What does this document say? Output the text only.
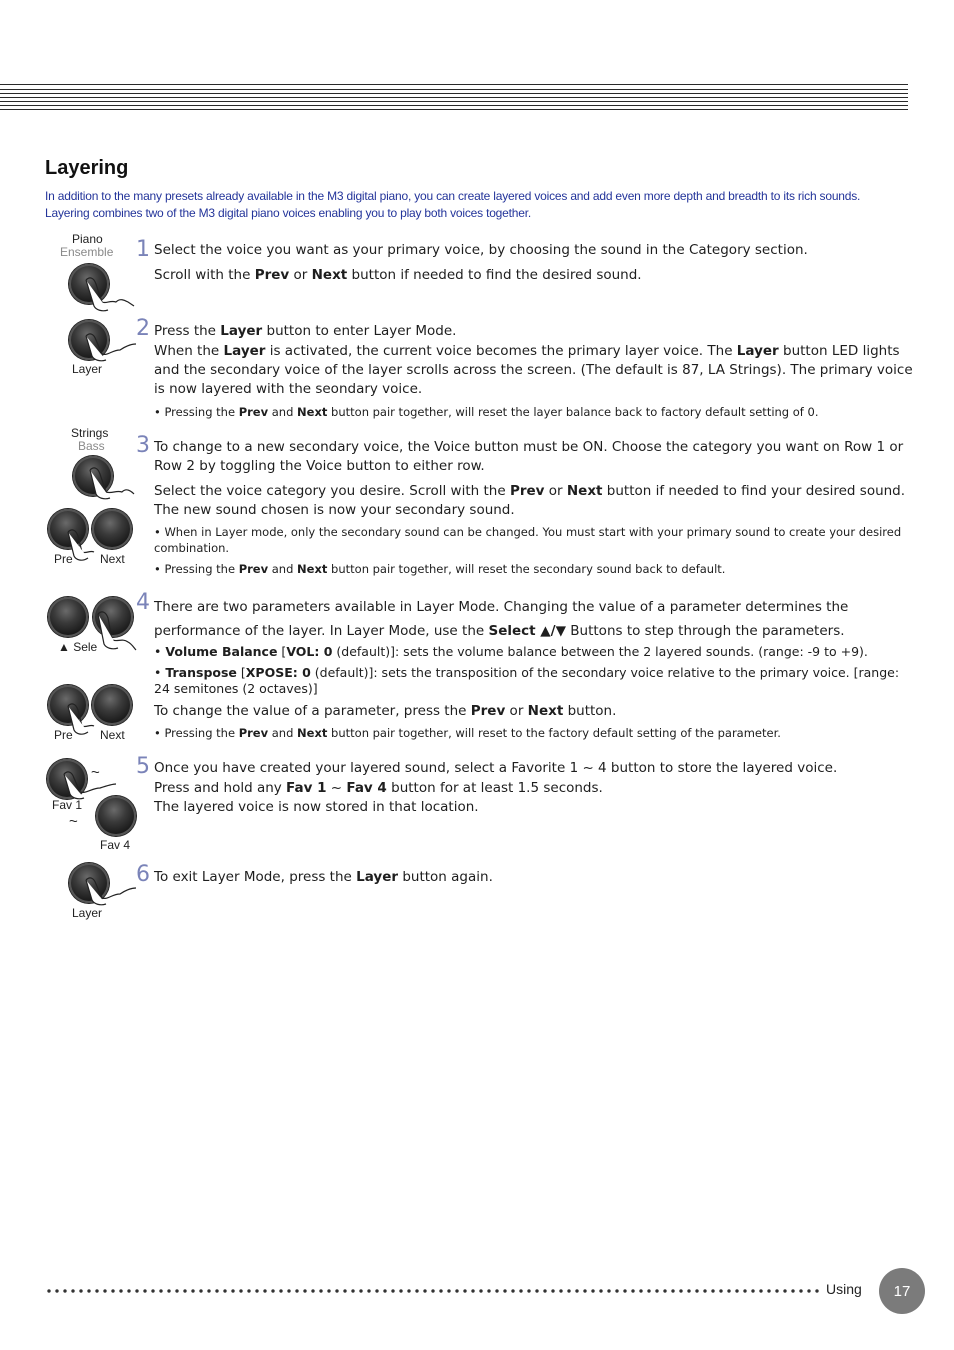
Layering

In addition to the many presets already available in the M3 digital piano, you can create layered voices and add even more depth and breadth to its rich sounds. Layering combines two of the M3 digital piano voices enabling you to play both voices together.

Piano
Ensemble
Layer
Strings
Bass
Pre Next
▲ Sele
Pre Next
~
Fav 1
~
Fav 4
Layer
1 Select the voice you want as your primary voice, by choosing the sound in the Category section.

Scroll with the Prev or Next button if needed to find the desired sound.

2 Press the Layer button to enter Layer Mode.

When the Layer is activated, the current voice becomes the primary layer voice. The Layer button LED lights and the secondary voice of the layer scrolls across the screen. (The default is 87, LA Strings). The primary voice is now layered with the seondary voice.

• Pressing the Prev and Next button pair together, will reset the layer balance back to factory default setting of 0.

3 To change to a new secondary voice, the Voice button must be ON. Choose the category you want on Row 1 or Row 2 by toggling the Voice button to either row.

Select the voice category you desire. Scroll with the Prev or Next button if needed to find your desired sound. The new sound chosen is now your secondary sound.

• When in Layer mode, only the secondary sound can be changed. You must start with your primary sound to create your desired combination.

• Pressing the Prev and Next button pair together, will reset the secondary sound back to default.

4 There are two parameters available in Layer Mode. Changing the value of a parameter determines the performance of the layer. In Layer Mode, use the Select ▲/▼ Buttons to step through the parameters.

• Volume Balance [VOL: 0 (default)]: sets the volume balance between the 2 layered sounds. (range: -9 to +9).

• Transpose [XPOSE: 0 (default)]: sets the transposition of the secondary voice relative to the primary voice. [range: 24 semitones (2 octaves)]

To change the value of a parameter, press the Prev or Next button.

• Pressing the Prev and Next button pair together, will reset to the factory default setting of the parameter.

5 Once you have created your layered sound, select a Favorite 1 ~ 4 button to store the layered voice.

Press and hold any Fav 1 ~ Fav 4 button for at least 1.5 seconds.

The layered voice is now stored in that location.

6 To exit Layer Mode, press the Layer button again.

Using 17
